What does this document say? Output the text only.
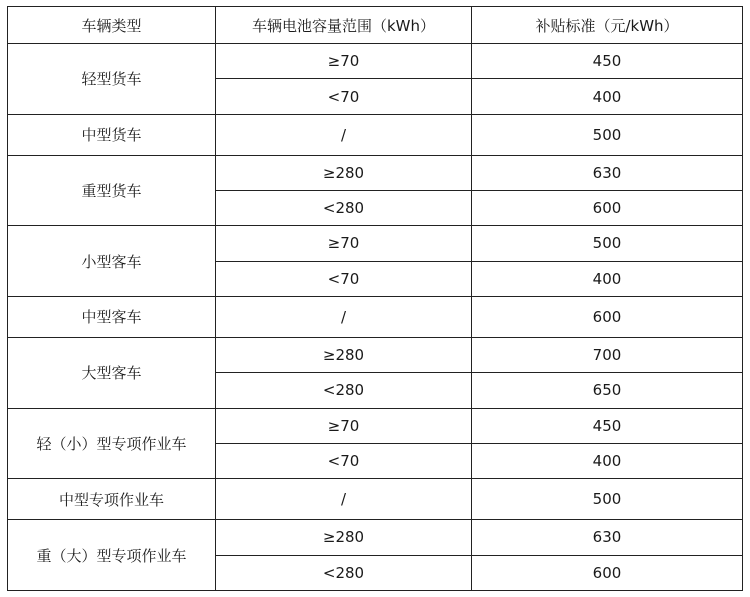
车辆类型	车辆电池容量范围（kWh）	补贴标准（元/kWh）
轻型货车	≥70	450
	<70	400
中型货车	/	500
重型货车	≥280	630
	<280	600
小型客车	≥70	500
	<70	400
中型客车	/	600
大型客车	≥280	700
	<280	650
轻（小）型专项作业车	≥70	450
	<70	400
中型专项作业车	/	500
重（大）型专项作业车	≥280	630
	<280	600
